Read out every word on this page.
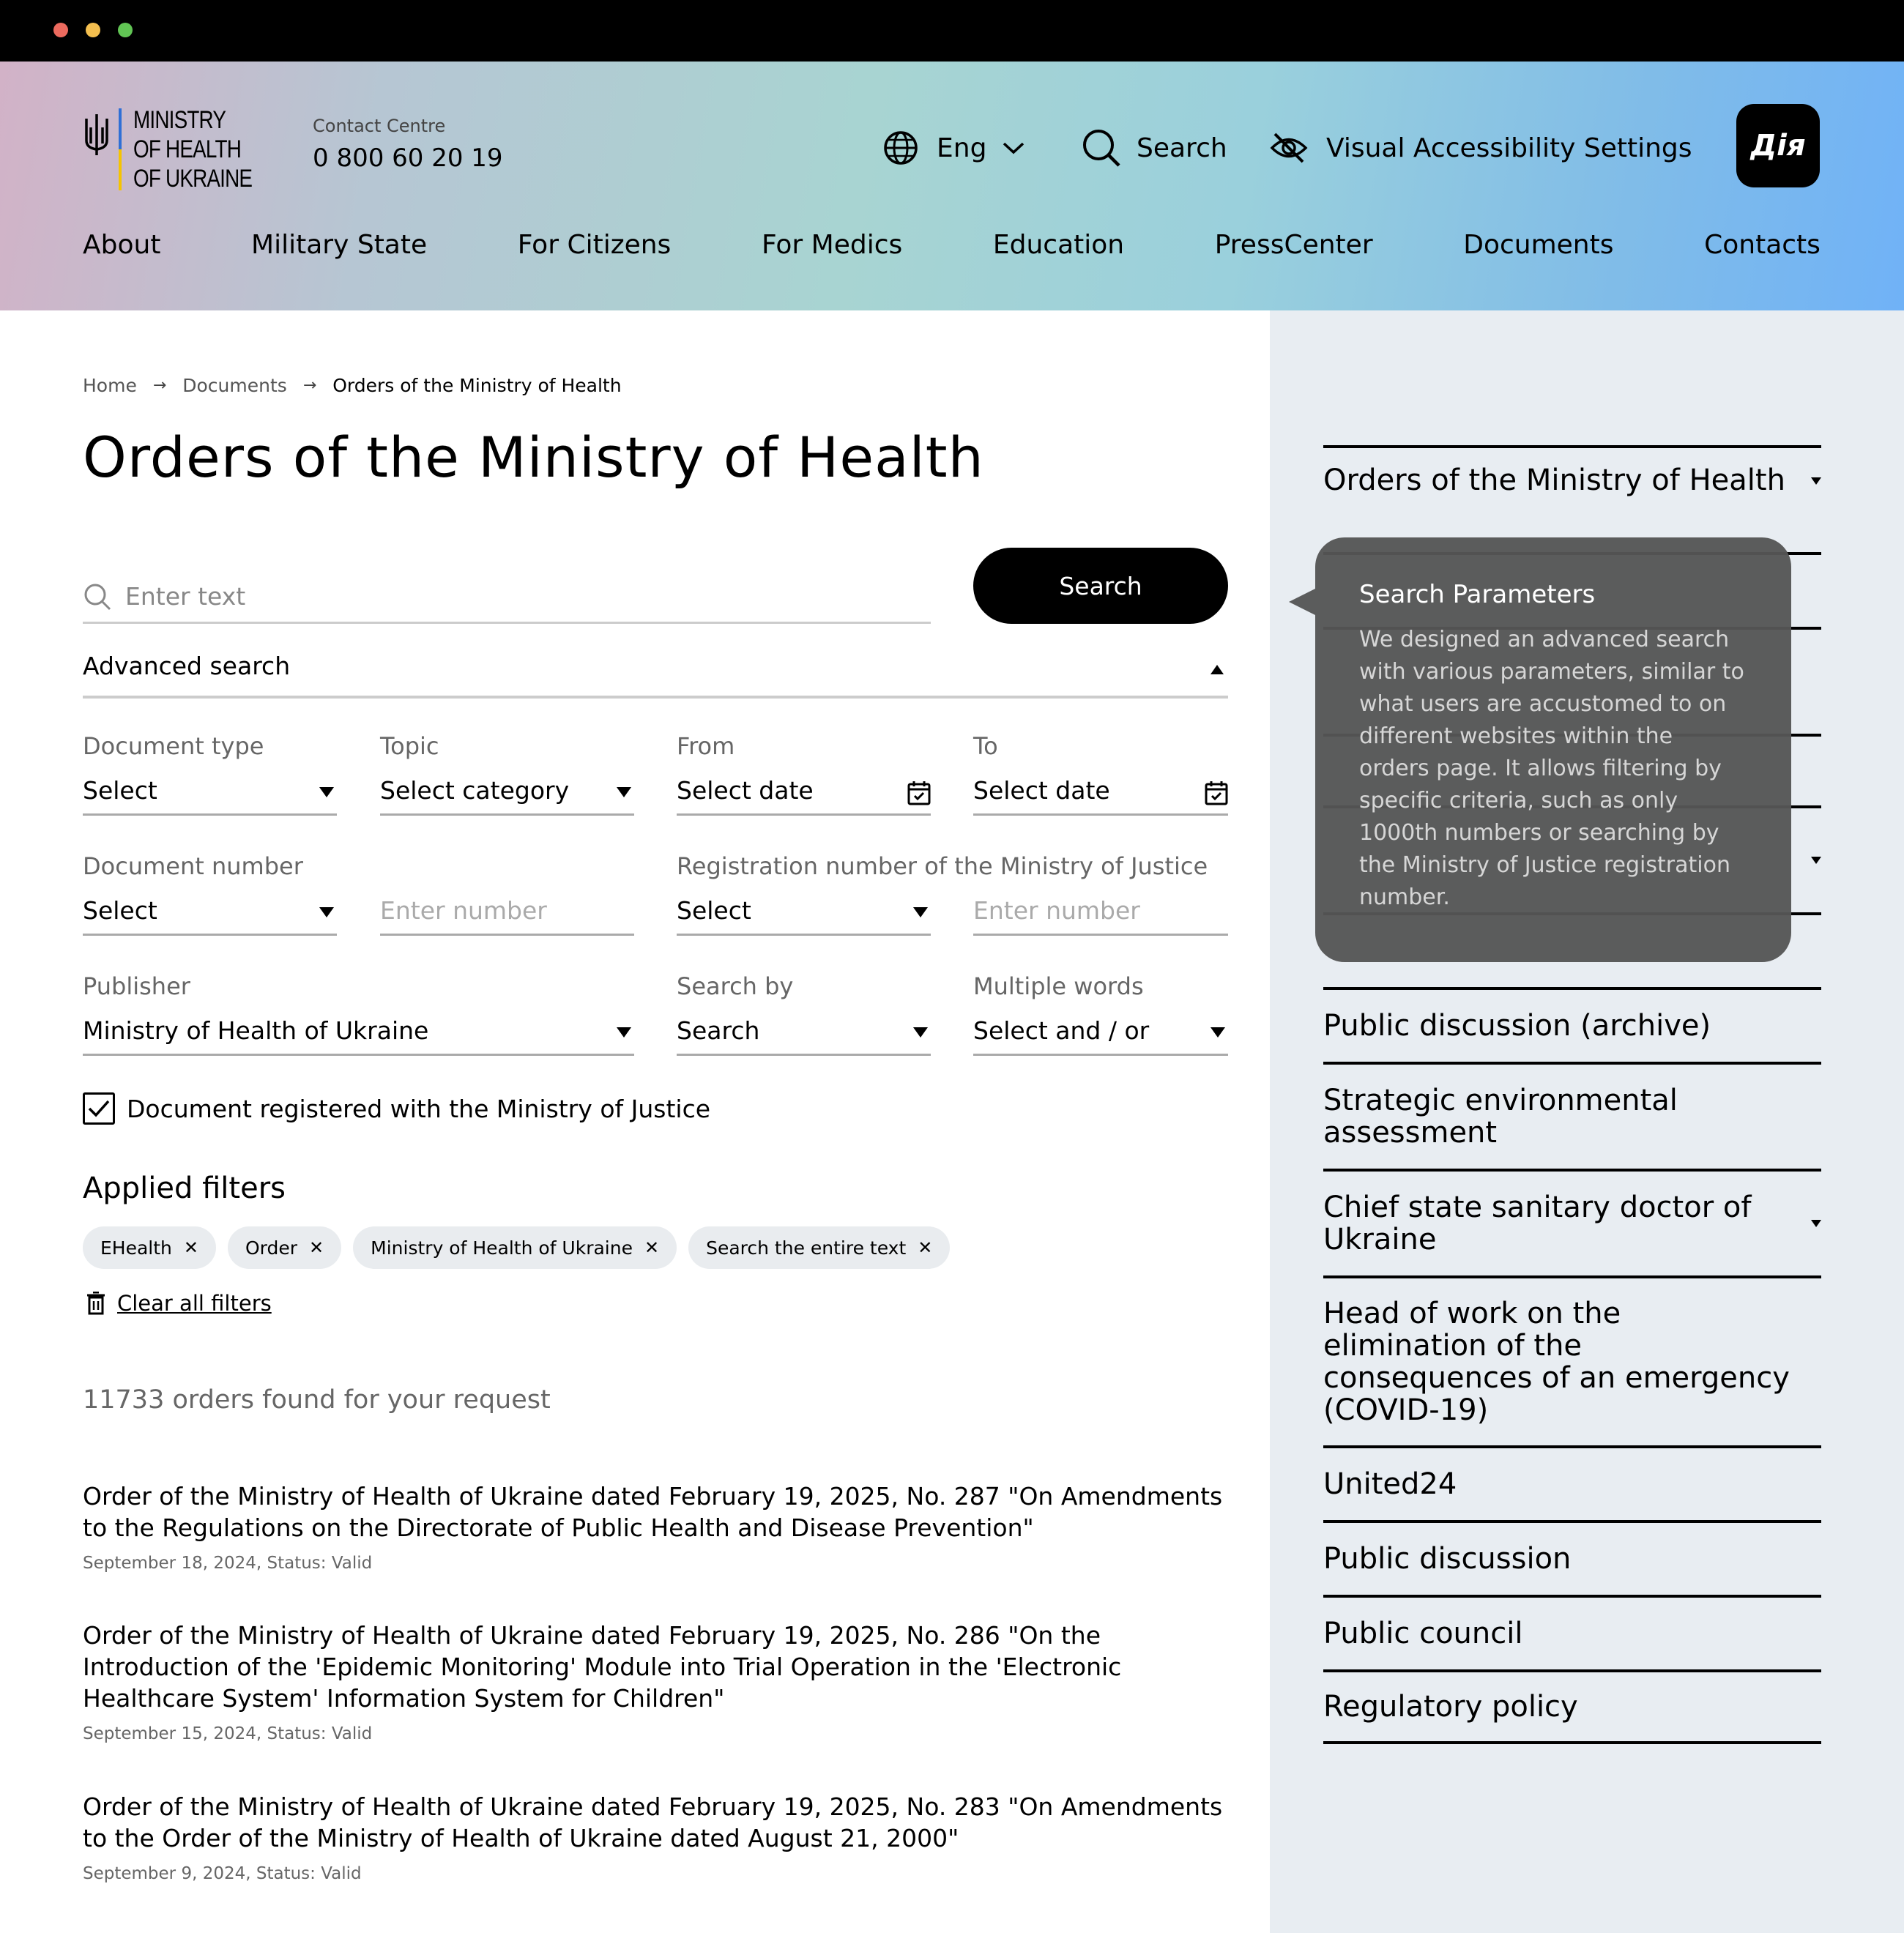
MINISTRY
OF HEALTH
OF UKRAINE
Contact Centre
0 800 60 20 19	Eng	Search	Visual Accessibility Settings	Дія
About	Military State	For Citizens	For Medics	Education	PressCenter	Documents	Contacts
Orders of the Ministry of Health
Public discussion (archive)
Strategic environmental assessment
Chief state sanitary doctor of Ukraine
Head of work on the elimination of the consequences of an emergency (COVID-19)
United24
Public discussion
Public council
Regulatory policy
Search Parameters
We designed an advanced search with various parameters, similar to what users are accustomed to on different websites within the orders page. It allows filtering by specific criteria, such as only 1000th numbers or searching by the Ministry of Justice registration number.
Home → Documents → Orders of the Ministry of Health
Orders of the Ministry of Health
Enter text
Search
Advanced search
Document type
Select
Topic
Select category
From
Select date
To
Select date
Document number
Select	Enter number
Registration number of the Ministry of Justice
Select	Enter number
Publisher
Ministry of Health of Ukraine
Search by
Search
Multiple words
Select and / or
Document registered with the Ministry of Justice
Applied filters
EHealth ✕	Order ✕	Ministry of Health of Ukraine ✕	Search the entire text ✕
Clear all filters
11733 orders found for your request
Order of the Ministry of Health of Ukraine dated February 19, 2025, No. 287 "On Amendments to the Regulations on the Directorate of Public Health and Disease Prevention"
September 18, 2024, Status: Valid
Order of the Ministry of Health of Ukraine dated February 19, 2025, No. 286 "On the Introduction of the 'Epidemic Monitoring' Module into Trial Operation in the 'Electronic Healthcare System' Information System for Children"
September 15, 2024, Status: Valid
Order of the Ministry of Health of Ukraine dated February 19, 2025, No. 283 "On Amendments to the Order of the Ministry of Health of Ukraine dated August 21, 2000"
September 9, 2024, Status: Valid
